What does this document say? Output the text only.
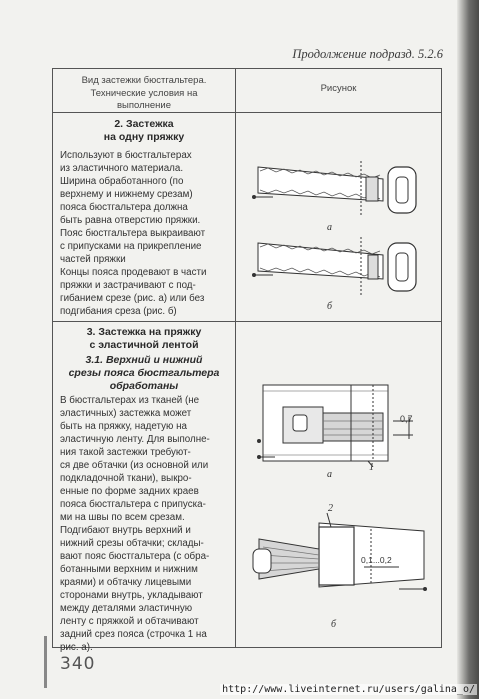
Продолжение подразд. 5.2.6
Вид застежки бюстгальтера.
Технические условия на
выполнение
Рисунок
2. Застежка
на одну пряжку

Используют в бюстгальтерах

из эластичного материала.

Ширина обработанного (по

верхнему и нижнему срезам)

пояса бюстгальтера должна

быть равна отверстию пряжки.

Пояс бюстгальтера выкраивают

с припусками на прикрепление

частей пряжки

Концы пояса продевают в части

пряжки и застрачивают с под-

гибанием срезе (рис. а) или без

подгибания среза (рис. б)

а
б
3. Застежка на пряжку
с эластичной лентой
3.1. Верхний и нижний
срезы пояса бюстгальтера
обработаны

В бюстгальтерах из тканей (не

эластичных) застежка может

быть на пряжку, надетую на

эластичную ленту. Для выполне-

ния такой застежки требуют-

ся две обтачки (из основной или

подкладочной ткани), выкро-

енные по форме задних краев

пояса бюстгальтера с припуска-

ми на швы по всем срезам.

Подгибают внутрь верхний и

нижний срезы обтачки; склады-

вают пояс бюстгальтера (с обра-

ботанными верхним и нижним

краями) и обтачку лицевыми

сторонами внутрь, укладывают

между деталями эластичную

ленту с пряжкой и обтачивают

задний срез пояса (строчка 1 на

рис. а).

0,7
1
а
2
0,1...0,2
б
340
http://www.liveinternet.ru/users/galina_o/
